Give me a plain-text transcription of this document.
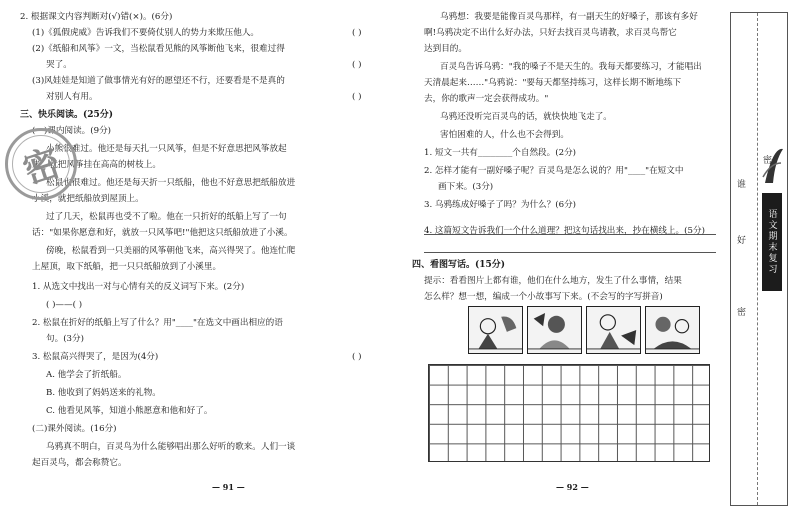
2. 根据课文内容判断对(√)错(×)。(6分)
(1)《狐假虎威》告诉我们不要倚仗别人的势力来欺压他人。	( )
(2)《纸船和风筝》一文，当松鼠看见熊的风筝断他飞来，很难过得
哭了。	( )
(3)风娃娃是知道了做事情光有好的愿望还不行，还要看是不是真的
对别人有用。	( )
三、快乐阅读。(25分)
(一)课内阅读。(9分)
小熊很难过。他还是每天扎一只风筝，但是不好意思把风筝放起
来，就把风筝挂在高高的树枝上。
松鼠也很难过。他还是每天折一只纸船，他也不好意思把纸船放进
小溪，就把纸船放到屋顶上。
过了几天，松鼠再也受不了啦。他在一只折好的纸船上写了一句
话："如果你愿意和好，就放一只风筝吧!"他把这只纸船放进了小溪。
傍晚，松鼠看到一只美丽的风筝朝他飞来，高兴得哭了。他连忙爬
上屋顶，取下纸船，把一只只纸船放到了小溪里。
1. 从选文中找出一对与心情有关的反义词写下来。(2分)
( )——( )
2. 松鼠在折好的纸船上写了什么？用"____"在选文中画出相应的语
句。(3分)
3. 松鼠高兴得哭了，是因为(4分)	( )
A. 他学会了折纸船。
B. 他收到了妈妈送来的礼物。
C. 他看见风筝，知道小熊愿意和他和好了。
(二)课外阅读。(16分)
乌鸦真不明白，百灵鸟为什么能够唱出那么好听的歌来。人们一谈
起百灵鸟，都会称赞它。
— 91 —
密
乌鸦想：我要是能像百灵鸟那样，有一副天生的好嗓子，那该有多好
啊!乌鸦决定不出什么好办法，只好去找百灵鸟请教，求百灵鸟帮它
达到目的。
百灵鸟告诉乌鸦："我的嗓子不是天生的。我每天都要练习，才能唱出
天清晨起来……"乌鸦说："要每天都坚持练习，这样长期不断地练下
去，你的歌声一定会获得成功。"
乌鸦还没听完百灵鸟的话，就快快地飞走了。
害怕困难的人，什么也不会得到。
1. 短文一共有________个自然段。(2分)
2. 怎样才能有一副好嗓子呢？百灵鸟是怎么说的？用"____"在短文中
画下来。(3分)
3. 乌鸦练成好嗓子了吗？为什么？(6分)
4. 这篇短文告诉我们一个什么道理？把这句话找出来，抄在横线上。(5分)
四、看图写话。(15分)
提示：看看图片上都有谁，他们在什么地方，发生了什么事情，结果
怎么样？想一想，编成一个小故事写下来。(不会写的字写拼音)
— 92 —
谁
好
密
密
语文期末复习
